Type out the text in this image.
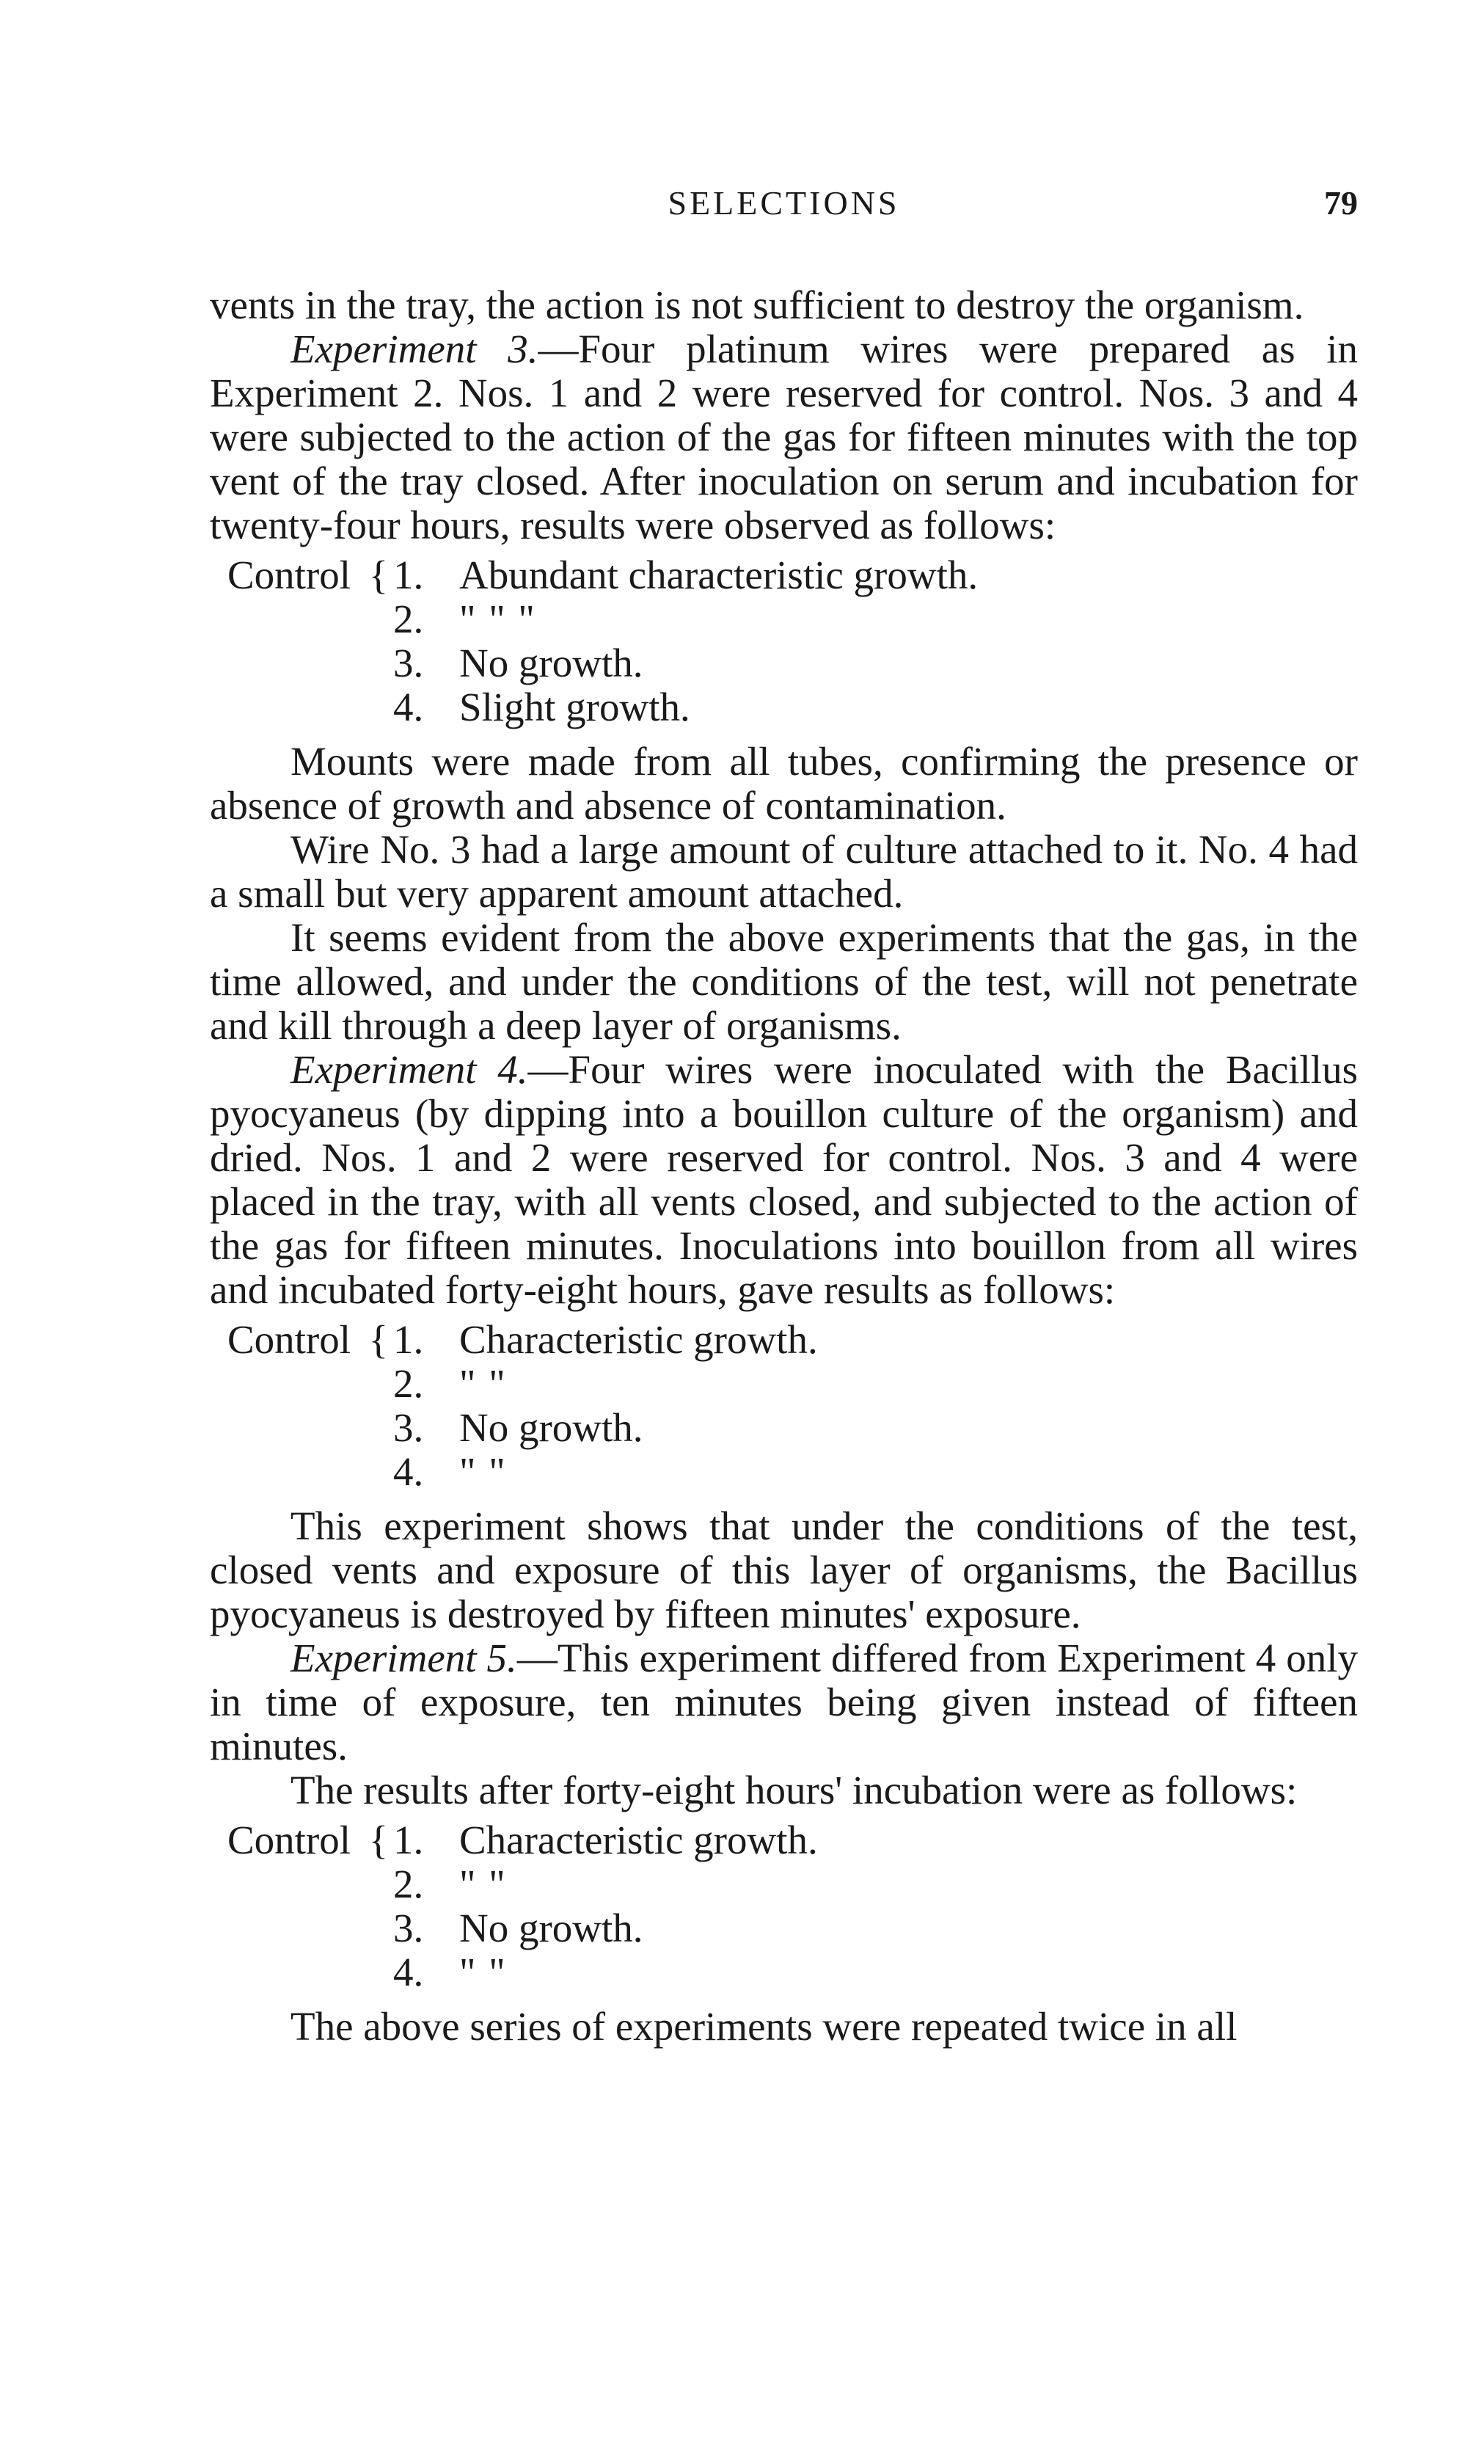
SELECTIONS	79

vents in the tray, the action is not sufficient to destroy the organism.

Experiment 3.—Four platinum wires were prepared as in Experiment 2. Nos. 1 and 2 were reserved for control. Nos. 3 and 4 were subjected to the action of the gas for fifteen minutes with the top vent of the tray closed. After inoculation on serum and incubation for twenty-four hours, results were observed as follows:

Control { 1. Abundant characteristic growth.
2. " " "
3. No growth.
4. Slight growth.

Mounts were made from all tubes, confirming the presence or absence of growth and absence of contamination.

Wire No. 3 had a large amount of culture attached to it. No. 4 had a small but very apparent amount attached.

It seems evident from the above experiments that the gas, in the time allowed, and under the conditions of the test, will not penetrate and kill through a deep layer of organisms.

Experiment 4.—Four wires were inoculated with the Bacillus pyocyaneus (by dipping into a bouillon culture of the organism) and dried. Nos. 1 and 2 were reserved for control. Nos. 3 and 4 were placed in the tray, with all vents closed, and subjected to the action of the gas for fifteen minutes. Inoculations into bouillon from all wires and incubated forty-eight hours, gave results as follows:

Control { 1. Characteristic growth.
2. " "
3. No growth.
4. " "

This experiment shows that under the conditions of the test, closed vents and exposure of this layer of organisms, the Bacillus pyocyaneus is destroyed by fifteen minutes' exposure.

Experiment 5.—This experiment differed from Experiment 4 only in time of exposure, ten minutes being given instead of fifteen minutes.

The results after forty-eight hours' incubation were as follows:

Control { 1. Characteristic growth.
2. " "
3. No growth.
4. " "

The above series of experiments were repeated twice in all
